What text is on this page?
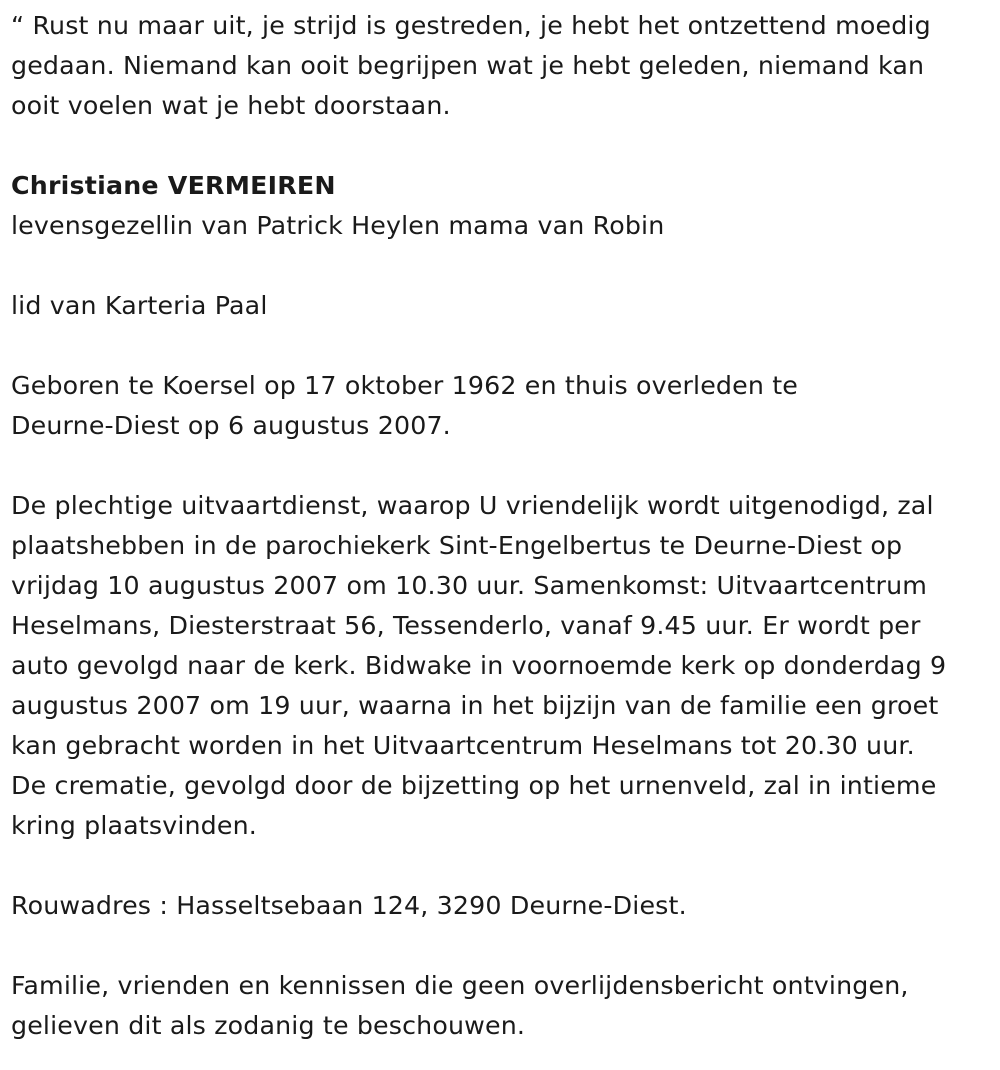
“ Rust nu maar uit, je strijd is gestreden, je hebt het ontzettend moedig
gedaan. Niemand kan ooit begrijpen wat je hebt geleden, niemand kan
ooit voelen wat je hebt doorstaan.
Christiane VERMEIREN
levensgezellin van Patrick Heylen mama van Robin
lid van Karteria Paal
Geboren te Koersel op 17 oktober 1962 en thuis overleden te
Deurne-Diest op 6 augustus 2007.
De plechtige uitvaartdienst, waarop U vriendelijk wordt uitgenodigd, zal
plaatshebben in de parochiekerk Sint-Engelbertus te Deurne-Diest op
vrijdag 10 augustus 2007 om 10.30 uur. Samenkomst: Uitvaartcentrum
Heselmans, Diesterstraat 56, Tessenderlo, vanaf 9.45 uur. Er wordt per
auto gevolgd naar de kerk. Bidwake in voornoemde kerk op donderdag 9
augustus 2007 om 19 uur, waarna in het bijzijn van de familie een groet
kan gebracht worden in het Uitvaartcentrum Heselmans tot 20.30 uur.
De crematie, gevolgd door de bijzetting op het urnenveld, zal in intieme
kring plaatsvinden.
Rouwadres : Hasseltsebaan 124, 3290 Deurne-Diest.
Familie, vrienden en kennissen die geen overlijdensbericht ontvingen,
gelieven dit als zodanig te beschouwen.
